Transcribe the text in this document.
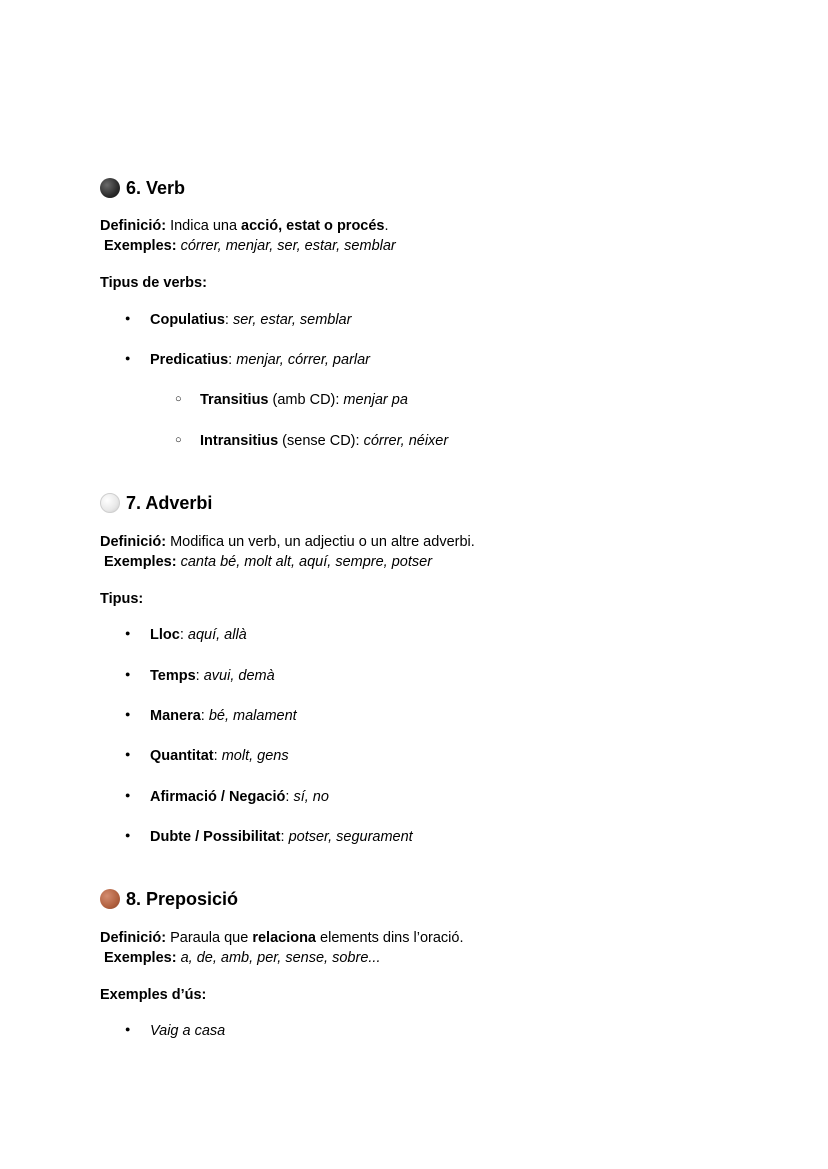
6. Verb
Definició: Indica una acció, estat o procés.
Exemples: córrer, menjar, ser, estar, semblar
Tipus de verbs:
●
Copulatius: ser, estar, semblar
●
Predicatius: menjar, córrer, parlar
○
Transitius (amb CD): menjar pa
○
Intransitius (sense CD): córrer, néixer
7. Adverbi
Definició: Modifica un verb, un adjectiu o un altre adverbi.
Exemples: canta bé, molt alt, aquí, sempre, potser
Tipus:
●
Lloc: aquí, allà
●
Temps: avui, demà
●
Manera: bé, malament
●
Quantitat: molt, gens
●
Afirmació / Negació: sí, no
●
Dubte / Possibilitat: potser, segurament
8. Preposició
Definició: Paraula que relaciona elements dins l’oració.
Exemples: a, de, amb, per, sense, sobre...
Exemples d’ús:
●
Vaig a casa
